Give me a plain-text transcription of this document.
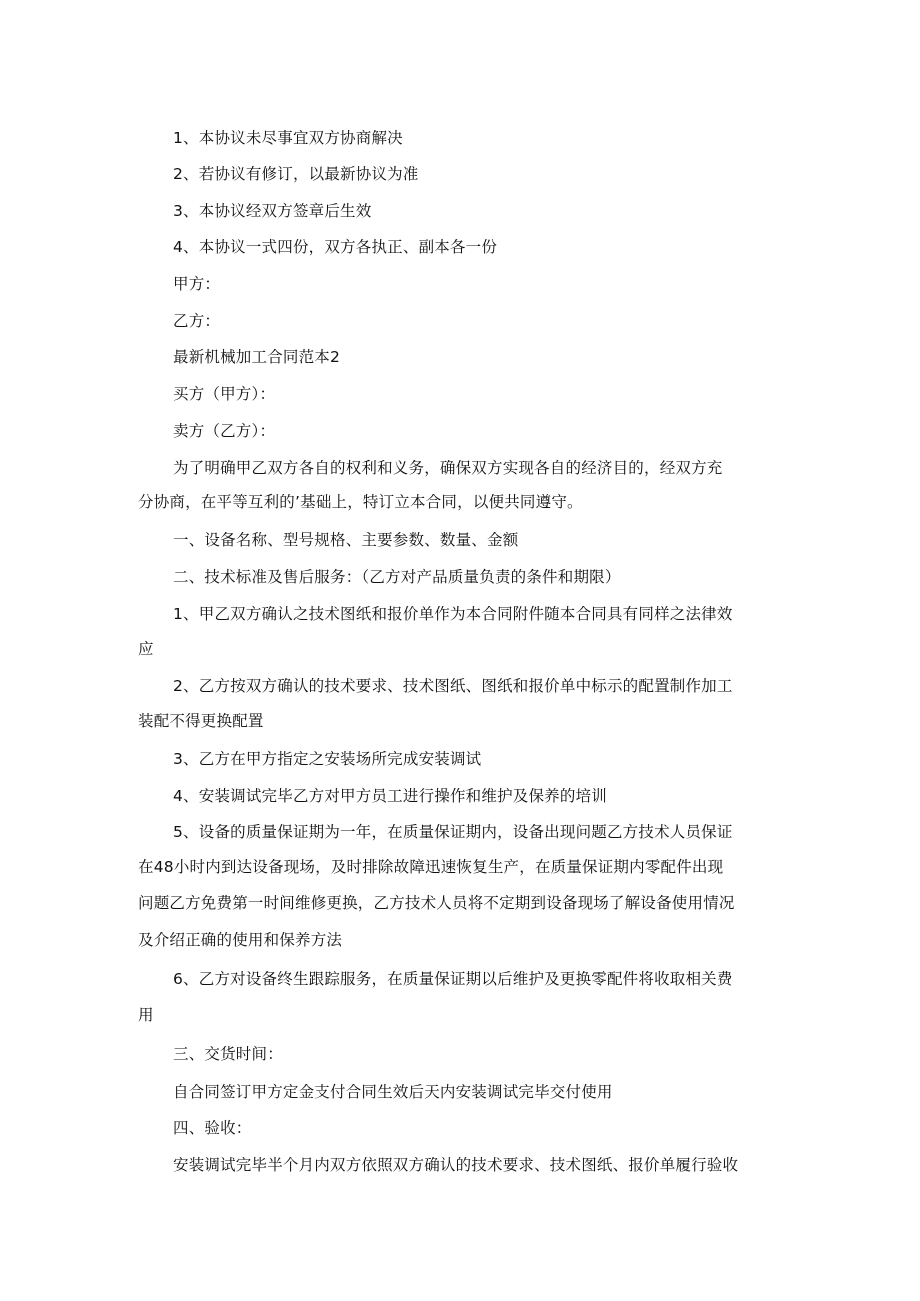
1、本协议未尽事宜双方协商解决
2、若协议有修订，以最新协议为准
3、本协议经双方签章后生效
4、本协议一式四份，双方各执正、副本各一份
甲方：
乙方：
最新机械加工合同范本2
买方（甲方）：
卖方（乙方）：
为了明确甲乙双方各自的权利和义务，确保双方实现各自的经济目的，经双方充
分协商，在平等互利的’基础上，特订立本合同，以便共同遵守。
一、设备名称、型号规格、主要参数、数量、金额
二、技术标准及售后服务：（乙方对产品质量负责的条件和期限）
1、甲乙双方确认之技术图纸和报价单作为本合同附件随本合同具有同样之法律效
应
2、乙方按双方确认的技术要求、技术图纸、图纸和报价单中标示的配置制作加工
装配不得更换配置
3、乙方在甲方指定之安装场所完成安装调试
4、安装调试完毕乙方对甲方员工进行操作和维护及保养的培训
5、设备的质量保证期为一年，在质量保证期内，设备出现问题乙方技术人员保证
在48小时内到达设备现场，及时排除故障迅速恢复生产，在质量保证期内零配件出现
问题乙方免费第一时间维修更换，乙方技术人员将不定期到设备现场了解设备使用情况
及介绍正确的使用和保养方法
6、乙方对设备终生跟踪服务，在质量保证期以后维护及更换零配件将收取相关费
用
三、交货时间：
自合同签订甲方定金支付合同生效后天内安装调试完毕交付使用
四、验收：
安装调试完毕半个月内双方依照双方确认的技术要求、技术图纸、报价单履行验收
